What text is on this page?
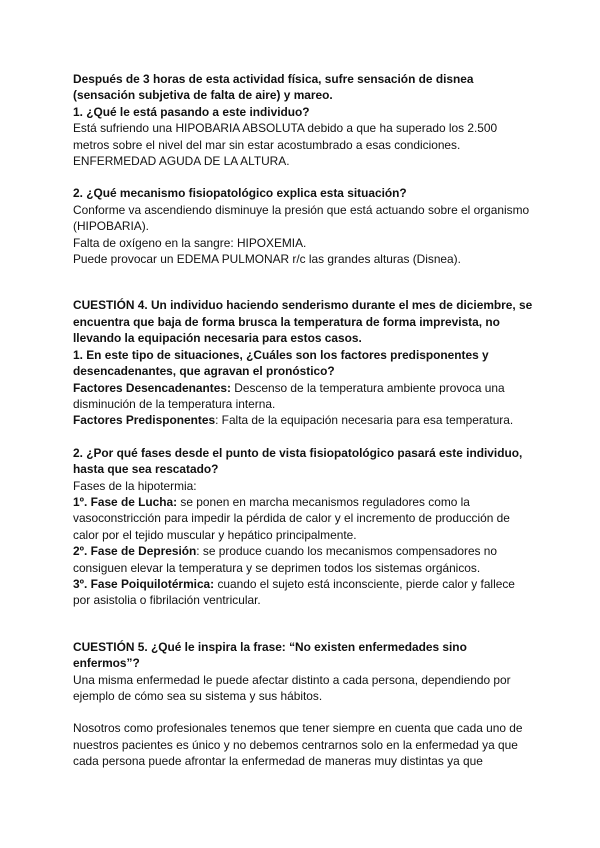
Después de 3 horas de esta actividad física, sufre sensación de disnea (sensación subjetiva de falta de aire) y mareo.

1. ¿Qué le está pasando a este individuo?

Está sufriendo una HIPOBARIA ABSOLUTA debido a que ha superado los 2.500 metros sobre el nivel del mar sin estar acostumbrado a esas condiciones. ENFERMEDAD AGUDA DE LA ALTURA.

2. ¿Qué mecanismo fisiopatológico explica esta situación?

Conforme va ascendiendo disminuye la presión que está actuando sobre el organismo (HIPOBARIA).

Falta de oxígeno en la sangre: HIPOXEMIA.

Puede provocar un EDEMA PULMONAR r/c las grandes alturas (Disnea).

CUESTIÓN 4. Un individuo haciendo senderismo durante el mes de diciembre, se encuentra que baja de forma brusca la temperatura de forma imprevista, no llevando la equipación necesaria para estos casos.

1. En este tipo de situaciones, ¿Cuáles son los factores predisponentes y desencadenantes, que agravan el pronóstico?

Factores Desencadenantes: Descenso de la temperatura ambiente provoca una disminución de la temperatura interna.

Factores Predisponentes: Falta de la equipación necesaria para esa temperatura.

2. ¿Por qué fases desde el punto de vista fisiopatológico pasará este individuo, hasta que sea rescatado?

Fases de la hipotermia:

1º. Fase de Lucha: se ponen en marcha mecanismos reguladores como la vasoconstricción para impedir la pérdida de calor y el incremento de producción de calor por el tejido muscular y hepático principalmente.

2º. Fase de Depresión: se produce cuando los mecanismos compensadores no consiguen elevar la temperatura y se deprimen todos los sistemas orgánicos.

3º. Fase Poiquilotérmica: cuando el sujeto está inconsciente, pierde calor y fallece por asistolia o fibrilación ventricular.

CUESTIÓN 5. ¿Qué le inspira la frase: “No existen enfermedades sino enfermos”?

Una misma enfermedad le puede afectar distinto a cada persona, dependiendo por ejemplo de cómo sea su sistema y sus hábitos.

Nosotros como profesionales tenemos que tener siempre en cuenta que cada uno de nuestros pacientes es único y no debemos centrarnos solo en la enfermedad ya que cada persona puede afrontar la enfermedad de maneras muy distintas ya que
